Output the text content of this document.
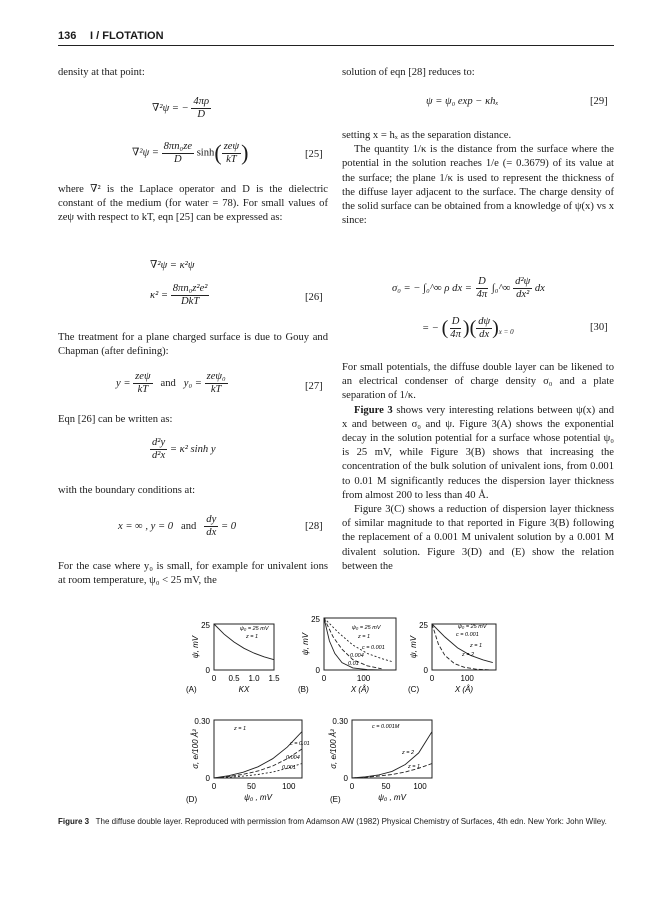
136 I / FLOTATION
density at that point:
∇²ψ = − $\frac{4\pi\rho}{D}$
$\nabla^2\psi = \frac{\text{8πn₀ze}}{D} \sinh( \frac{\text{zeψ}}{kT}$ )	[25]
where ∇² is the Laplace operator and D is the dielectric constant of the medium (for water = 78). For small values of zeψ with respect to kT, eqn [25] can be expressed as:
∇²ψ = κ²ψ
$\kappa^2 = \frac{\text{8πn₀z²e²}}{\text{DkT}}$	[26]
The treatment for a plane charged surface is due to Gouy and Chapman (after defining):
$y = \frac{\text{zeψ}}{kT}$ and $y_0 = \frac{\text{zeψ₀}}{kT}$	[27]
Eqn [26] can be written as:
$\frac{\text{d²y}}{\text{d²x}} = \kappa^2$ sinh y
with the boundary conditions at:
x = ∞ , y = 0 and $\frac{dy}{dx} = 0$	[28]
For the case where y₀ is small, for example for univalent ions at room temperature, ψ₀ < 25 mV, the
solution of eqn [28] reduces to:
ψ = ψ₀ exp − κhₓ	[29]

setting x = hₓ as the separation distance.

The quantity 1/κ is the distance from the surface where the potential in the solution reaches 1/e (= 0.3679) of its value at the surface; the plane 1/κ is used to represent the thickness of the diffuse layer adjacent to the surface. The charge density of the solid surface can be obtained from a knowledge of ψ(x) vs x since:

σ₀ = − ∫₀^∞ ρ dx = $\frac{D}{4\pi}$ ∫₀^∞ $\frac{\text{d²ψ}}{\text{dx²}}$ dx
= − ( $\frac{D}{4\pi}$ )( $\frac{d\psi}{dx} )_{x = 0}$	[30]

For small potentials, the diffuse double layer can be likened to an electrical condenser of charge density σ₀ and a plate separation of 1/κ.

Figure 3 shows very interesting relations between ψ(x) and x and between σ₀ and ψ. Figure 3(A) shows the exponential decay in the solution potential for a surface whose potential ψ₀ is 25 mV, while Figure 3(B) shows that increasing the concentration of the bulk solution of univalent ions, from 0.001 to 0.01 M significantly reduces the dispersion layer thickness from almost 200 to less than 40 Å.

Figure 3(C) shows a reduction of dispersion layer thickness of similar magnitude to that reported in Figure 3(B) following the replacement of a 0.001 M univalent solution by a 0.001 M divalent solution. Figure 3(D) and (E) show the relation between the

0
25
0 0.5 1.0 1.5
KX
ψ, mV
ψ₀ = 25 mV
z = 1
(A)
0
25
0	100
X (Å)
ψ, mV
ψ₀ = 25 mV
z = 1
c = 0.001
0.004
0.01
(B)
0
25
0	100
X (Å)
ψ, mV
ψ₀ = 25 mV
c = 0.001
z = 1
z = 2
(C)
0
0.30
0	50	100
ψ₀ , mV
σ, e/100 Å²
z = 1
c = 0.01
0.004
0.001
(D)
0
0.30
0	50	100
ψ₀ , mV
σ, e/100 Å²
c = 0.001M
z = 2
z = 1
(E)
Figure 3 The diffuse double layer. Reproduced with permission from Adamson AW (1982) Physical Chemistry of Surfaces, 4th edn. New York: John Wiley.
